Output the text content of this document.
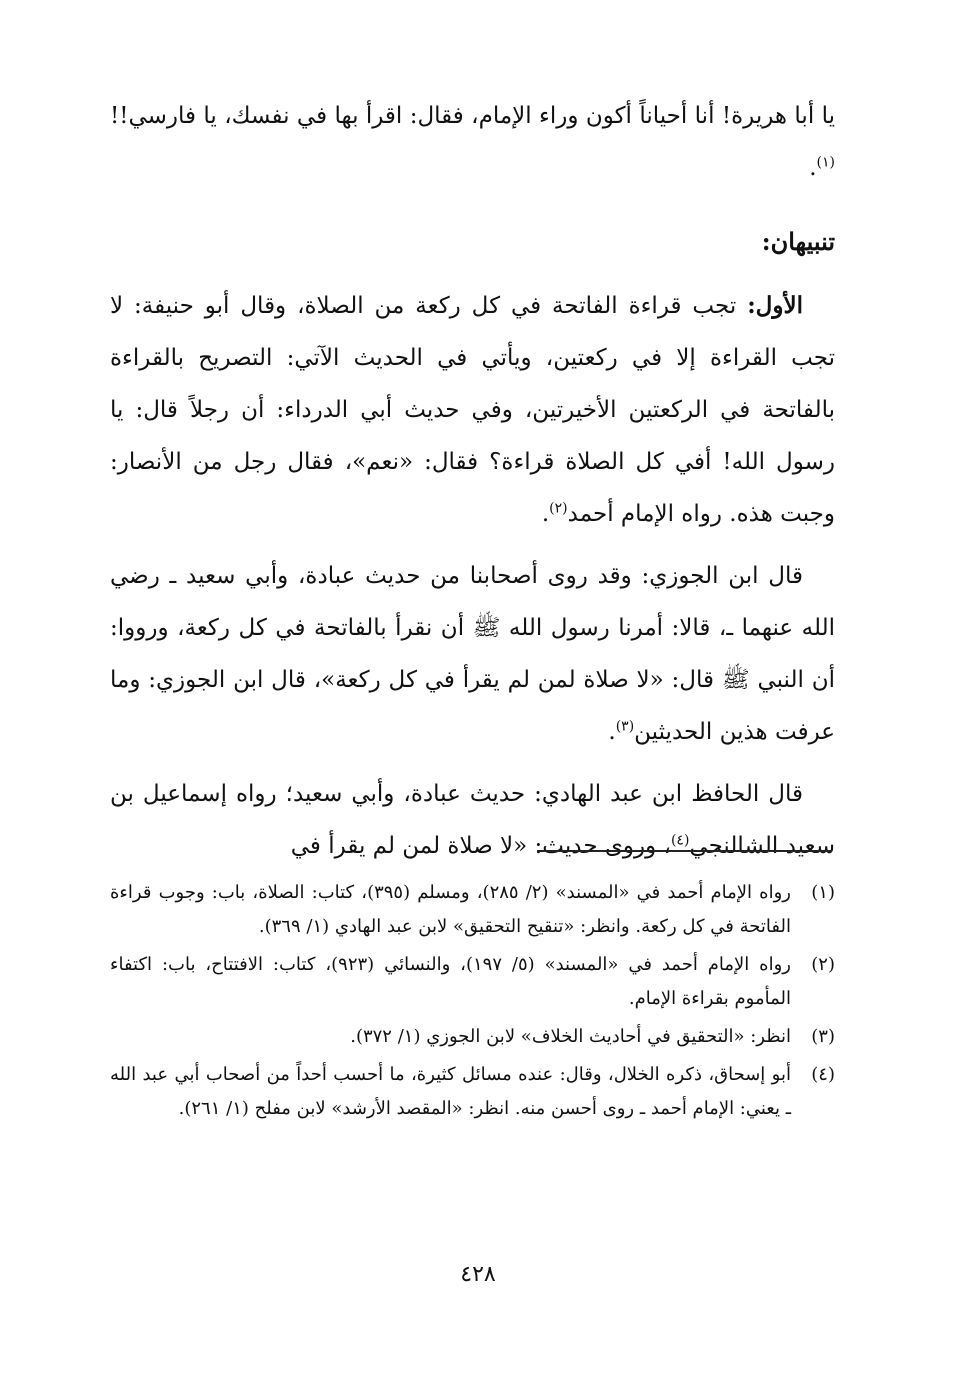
يا أبا هريرة! أنا أحياناً أكون وراء الإمام، فقال: اقرأ بها في نفسك، يا فارسي!!$^{(١)}$.

تنبيهان:

الأول: تجب قراءة الفاتحة في كل ركعة من الصلاة، وقال أبو حنيفة: لا تجب القراءة إلا في ركعتين، ويأتي في الحديث الآتي: التصريح بالقراءة بالفاتحة في الركعتين الأخيرتين، وفي حديث أبي الدرداء: أن رجلاً قال: يا رسول الله! أفي كل الصلاة قراءة؟ فقال: «نعم»، فقال رجل من الأنصار: وجبت هذه. رواه الإمام أحمد$^{(٢)}$.

قال ابن الجوزي: وقد روى أصحابنا من حديث عبادة، وأبي سعيد ـ رضي الله عنهما ـ، قالا: أمرنا رسول الله ﷺ أن نقرأ بالفاتحة في كل ركعة، ورووا: أن النبي ﷺ قال: «لا صلاة لمن لم يقرأ في كل ركعة»، قال ابن الجوزي: وما عرفت هذين الحديثين$^{(٣)}$.

قال الحافظ ابن عبد الهادي: حديث عبادة، وأبي سعيد؛ رواه إسماعيل بن سعيد الشالنجي$^{(٤)}$، وروى حديث: «لا صلاة لمن لم يقرأ في

(١)
رواه الإمام أحمد في «المسند» (٢/ ٢٨٥)، ومسلم (٣٩٥)، كتاب: الصلاة، باب: وجوب قراءة الفاتحة في كل ركعة. وانظر: «تنقيح التحقيق» لابن عبد الهادي (١/ ٣٦٩).
(٢)
رواه الإمام أحمد في «المسند» (٥/ ١٩٧)، والنسائي (٩٢٣)، كتاب: الافتتاح، باب: اكتفاء المأموم بقراءة الإمام.
(٣)
انظر: «التحقيق في أحاديث الخلاف» لابن الجوزي (١/ ٣٧٢).
(٤)
أبو إسحاق، ذكره الخلال، وقال: عنده مسائل كثيرة، ما أحسب أحداً من أصحاب أبي عبد الله ـ يعني: الإمام أحمد ـ روى أحسن منه. انظر: «المقصد الأرشد» لابن مفلح (١/ ٢٦١).
٤٢٨
